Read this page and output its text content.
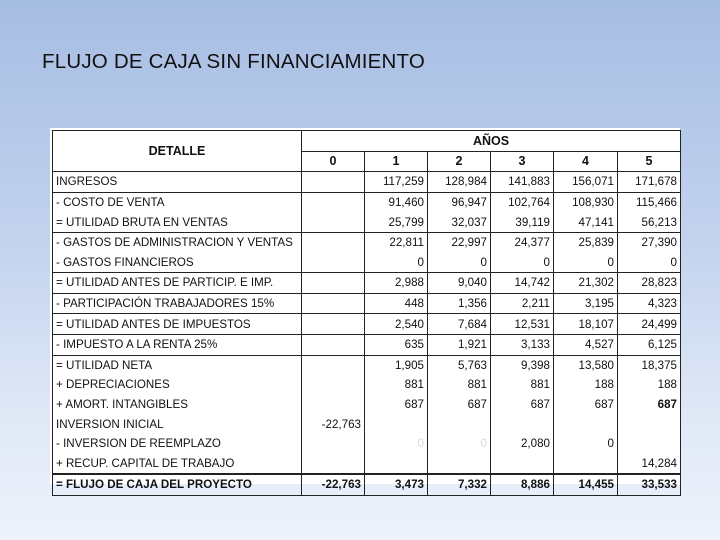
FLUJO DE CAJA SIN FINANCIAMIENTO
DETALLE	AÑOS					
	0	1	2	3	4	5
INGRESOS		117,259	128,984	141,883	156,071	171,678
- COSTO DE VENTA		91,460	96,947	102,764	108,930	115,466
= UTILIDAD BRUTA EN VENTAS		25,799	32,037	39,119	47,141	56,213
- GASTOS DE ADMINISTRACION Y VENTAS		22,811	22,997	24,377	25,839	27,390
- GASTOS FINANCIEROS		0	0	0	0	0
= UTILIDAD ANTES DE PARTICIP. E IMP.		2,988	9,040	14,742	21,302	28,823
- PARTICIPACIÓN TRABAJADORES 15%		448	1,356	2,211	3,195	4,323
= UTILIDAD ANTES DE IMPUESTOS		2,540	7,684	12,531	18,107	24,499
- IMPUESTO A LA RENTA 25%		635	1,921	3,133	4,527	6,125
= UTILIDAD NETA		1,905	5,763	9,398	13,580	18,375
+ DEPRECIACIONES		881	881	881	188	188
+ AMORT. INTANGIBLES		687	687	687	687	687
INVERSION INICIAL	-22,763					
- INVERSION DE REEMPLAZO		0	0	2,080	0	
+ RECUP. CAPITAL DE TRABAJO						14,284
= FLUJO DE CAJA DEL PROYECTO	-22,763	3,473	7,332	8,886	14,455	33,533
